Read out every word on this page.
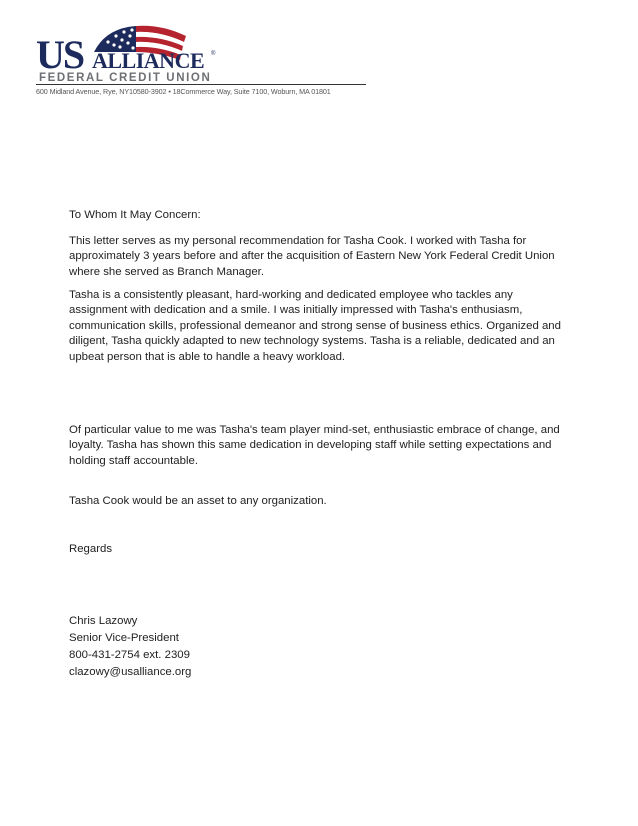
US ALLIANCE ®
FEDERAL CREDIT UNION
600 Midland Avenue, Rye, NY10580-3902 • 18Commerce Way, Suite 7100, Woburn, MA 01801

To Whom It May Concern:

This letter serves as my personal recommendation for Tasha Cook. I worked with Tasha for approximately 3 years before and after the acquisition of Eastern New York Federal Credit Union where she served as Branch Manager.

Tasha is a consistently pleasant, hard-working and dedicated employee who tackles any assignment with dedication and a smile. I was initially impressed with Tasha's enthusiasm, communication skills, professional demeanor and strong sense of business ethics. Organized and diligent, Tasha quickly adapted to new technology systems. Tasha is a reliable, dedicated and an upbeat person that is able to handle a heavy workload.

Of particular value to me was Tasha's team player mind-set, enthusiastic embrace of change, and loyalty. Tasha has shown this same dedication in developing staff while setting expectations and holding staff accountable.

Tasha Cook would be an asset to any organization.

Regards

Chris Lazowy
Senior Vice-President
800-431-2754 ext. 2309
clazowy@usalliance.org
